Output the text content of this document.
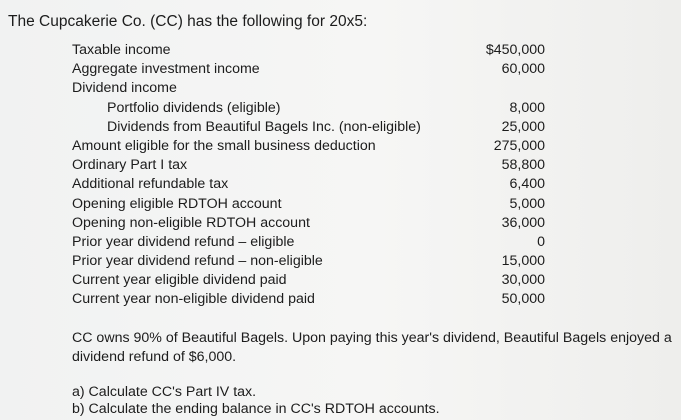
The Cupcakerie Co. (CC) has the following for 20x5:
Taxable income	$450,000
Aggregate investment income	60,000
Dividend income
Portfolio dividends (eligible)	8,000
Dividends from Beautiful Bagels Inc. (non-eligible)	25,000
Amount eligible for the small business deduction	275,000
Ordinary Part I tax	58,800
Additional refundable tax	6,400
Opening eligible RDTOH account	5,000
Opening non-eligible RDTOH account	36,000
Prior year dividend refund – eligible	0
Prior year dividend refund – non-eligible	15,000
Current year eligible dividend paid	30,000
Current year non-eligible dividend paid	50,000
CC owns 90% of Beautiful Bagels. Upon paying this year's dividend, Beautiful Bagels enjoyed a dividend refund of $6,000.
a) Calculate CC's Part IV tax.
b) Calculate the ending balance in CC's RDTOH accounts.
